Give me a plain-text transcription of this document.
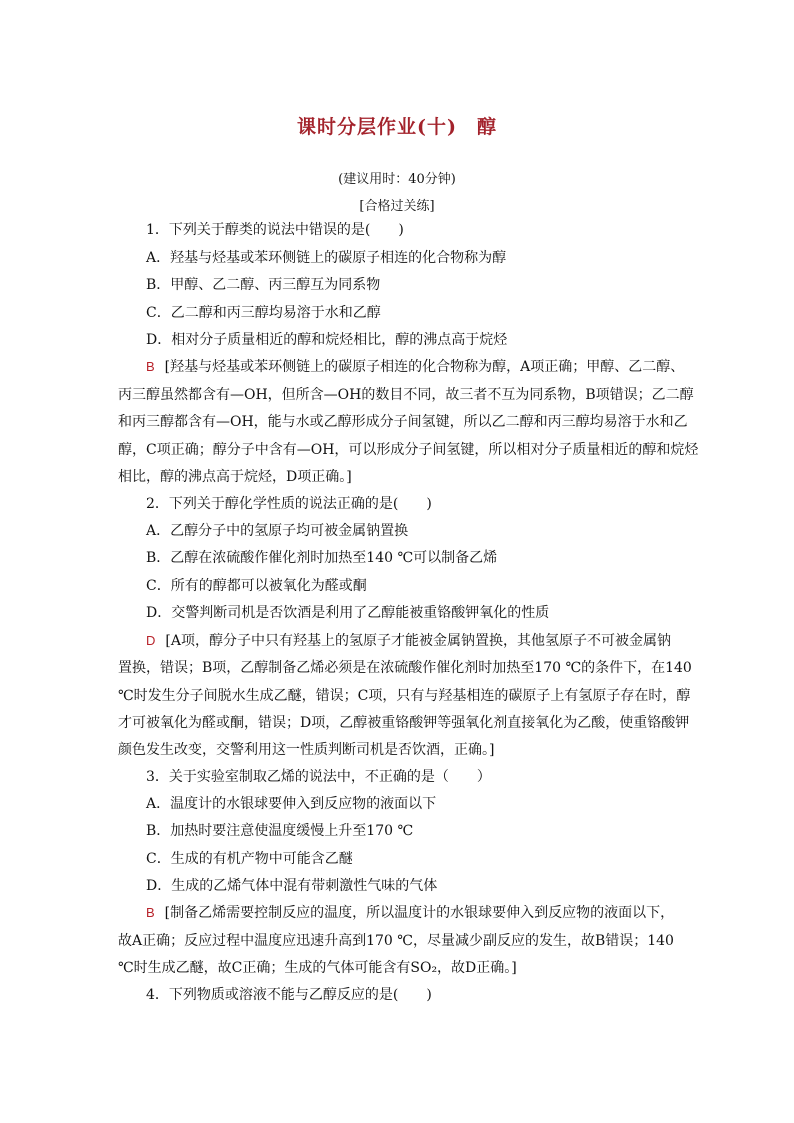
课时分层作业(十)　醇
(建议用时：40分钟)
[合格过关练]
1．下列关于醇类的说法中错误的是(　　)
A．羟基与烃基或苯环侧链上的碳原子相连的化合物称为醇
B．甲醇、乙二醇、丙三醇互为同系物
C．乙二醇和丙三醇均易溶于水和乙醇
D．相对分子质量相近的醇和烷烃相比，醇的沸点高于烷烃
B [羟基与烃基或苯环侧链上的碳原子相连的化合物称为醇，A项正确；甲醇、乙二醇、
丙三醇虽然都含有—OH，但所含—OH的数目不同，故三者不互为同系物，B项错误；乙二醇
和丙三醇都含有—OH，能与水或乙醇形成分子间氢键，所以乙二醇和丙三醇均易溶于水和乙
醇，C项正确；醇分子中含有—OH，可以形成分子间氢键，所以相对分子质量相近的醇和烷烃
相比，醇的沸点高于烷烃，D项正确。]
2．下列关于醇化学性质的说法正确的是(　　)
A．乙醇分子中的氢原子均可被金属钠置换
B．乙醇在浓硫酸作催化剂时加热至140 ℃可以制备乙烯
C．所有的醇都可以被氧化为醛或酮
D．交警判断司机是否饮酒是利用了乙醇能被重铬酸钾氧化的性质
D [A项，醇分子中只有羟基上的氢原子才能被金属钠置换，其他氢原子不可被金属钠
置换，错误；B项，乙醇制备乙烯必须是在浓硫酸作催化剂时加热至170 ℃的条件下，在140
℃时发生分子间脱水生成乙醚，错误；C项，只有与羟基相连的碳原子上有氢原子存在时，醇
才可被氧化为醛或酮，错误；D项，乙醇被重铬酸钾等强氧化剂直接氧化为乙酸，使重铬酸钾
颜色发生改变，交警利用这一性质判断司机是否饮酒，正确。]
3．关于实验室制取乙烯的说法中，不正确的是（　　）
A．温度计的水银球要伸入到反应物的液面以下
B．加热时要注意使温度缓慢上升至170 ℃
C．生成的有机产物中可能含乙醚
D．生成的乙烯气体中混有带刺激性气味的气体
B [制备乙烯需要控制反应的温度，所以温度计的水银球要伸入到反应物的液面以下，
故A正确；反应过程中温度应迅速升高到170 ℃，尽量减少副反应的发生，故B错误；140
℃时生成乙醚，故C正确；生成的气体可能含有SO₂，故D正确。]
4．下列物质或溶液不能与乙醇反应的是(　　)
